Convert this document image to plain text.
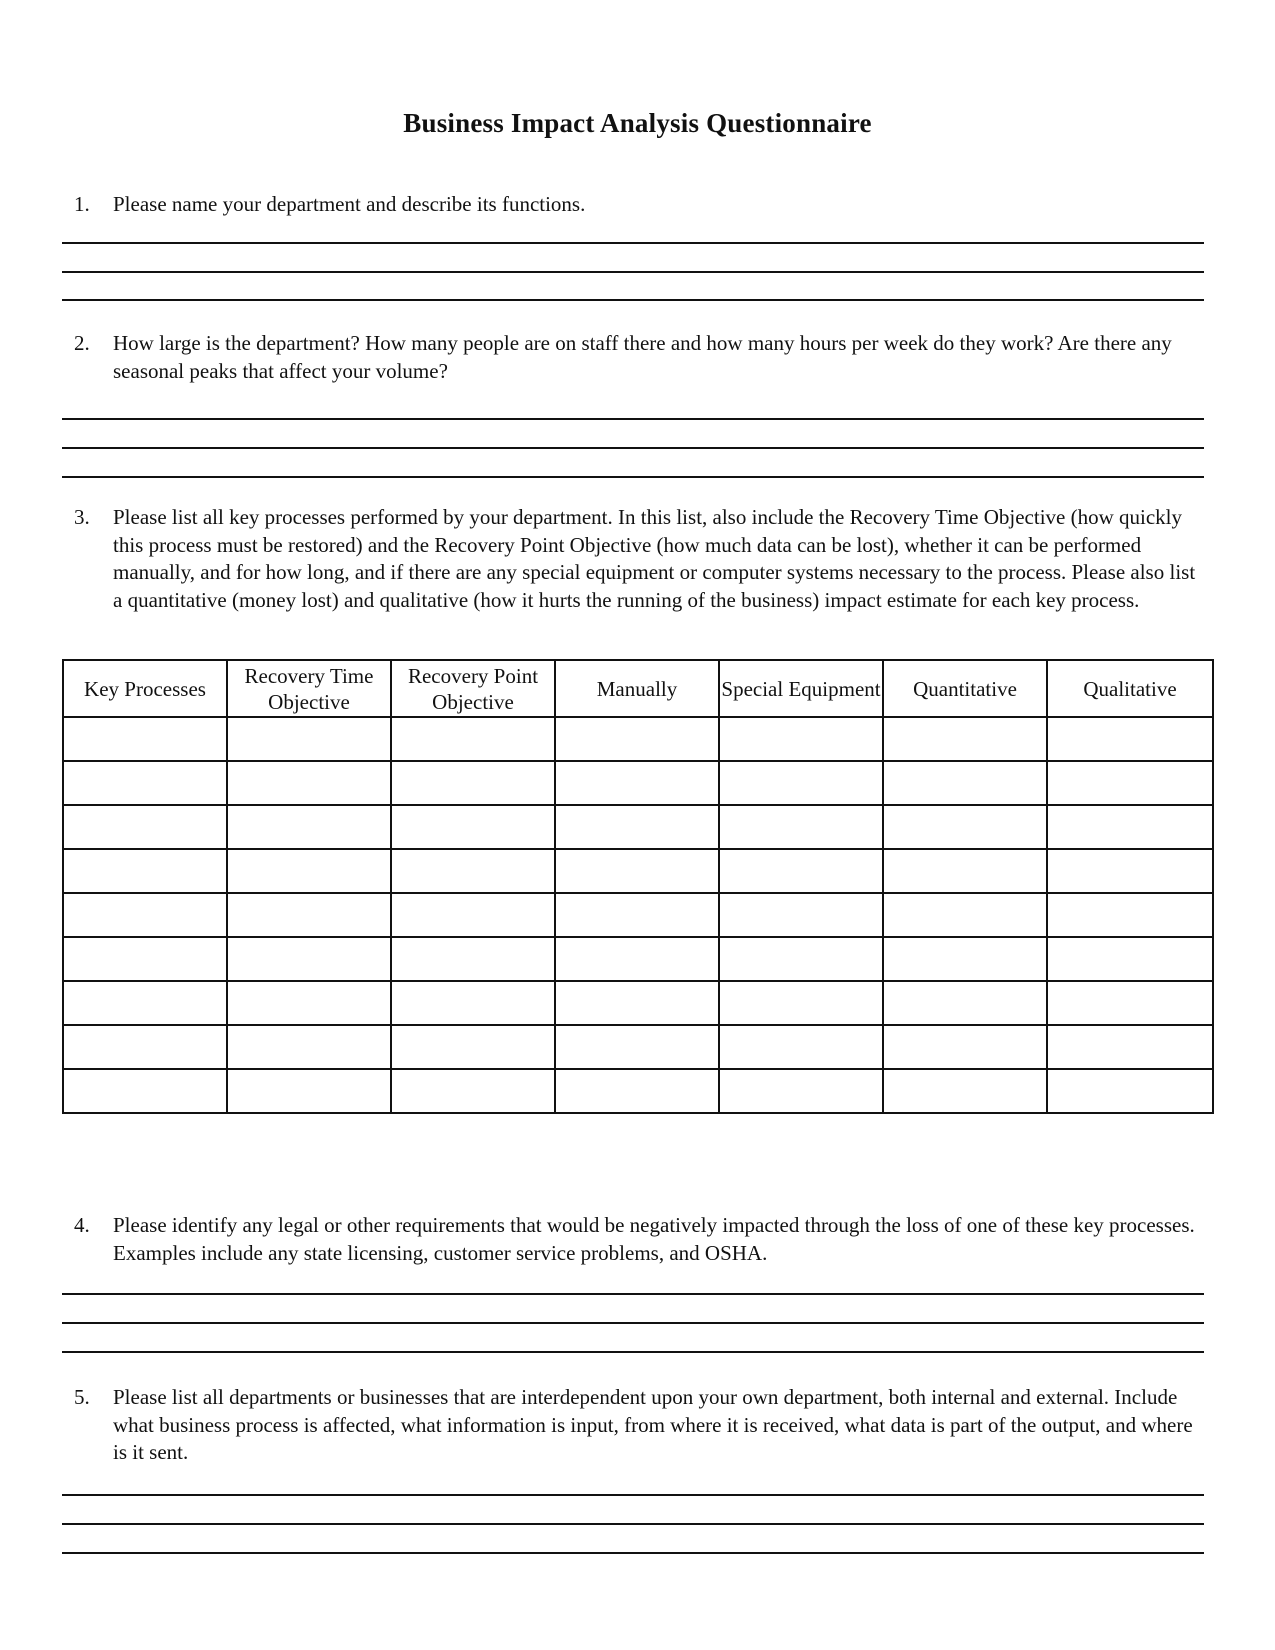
Business Impact Analysis Questionnaire
1. Please name your department and describe its functions.
2. How large is the department? How many people are on staff there and how many hours per week do they work? Are there any seasonal peaks that affect your volume?
3. Please list all key processes performed by your department. In this list, also include the Recovery Time Objective (how quickly this process must be restored) and the Recovery Point Objective (how much data can be lost), whether it can be performed manually, and for how long, and if there are any special equipment or computer systems necessary to the process. Please also list a quantitative (money lost) and qualitative (how it hurts the running of the business) impact estimate for each key process.
Key Processes	Recovery Time Objective	Recovery Point Objective	Manually	Special Equipment	Quantitative	Qualitative

4. Please identify any legal or other requirements that would be negatively impacted through the loss of one of these key processes. Examples include any state licensing, customer service problems, and OSHA.
5. Please list all departments or businesses that are interdependent upon your own department, both internal and external. Include what business process is affected, what information is input, from where it is received, what data is part of the output, and where is it sent.
